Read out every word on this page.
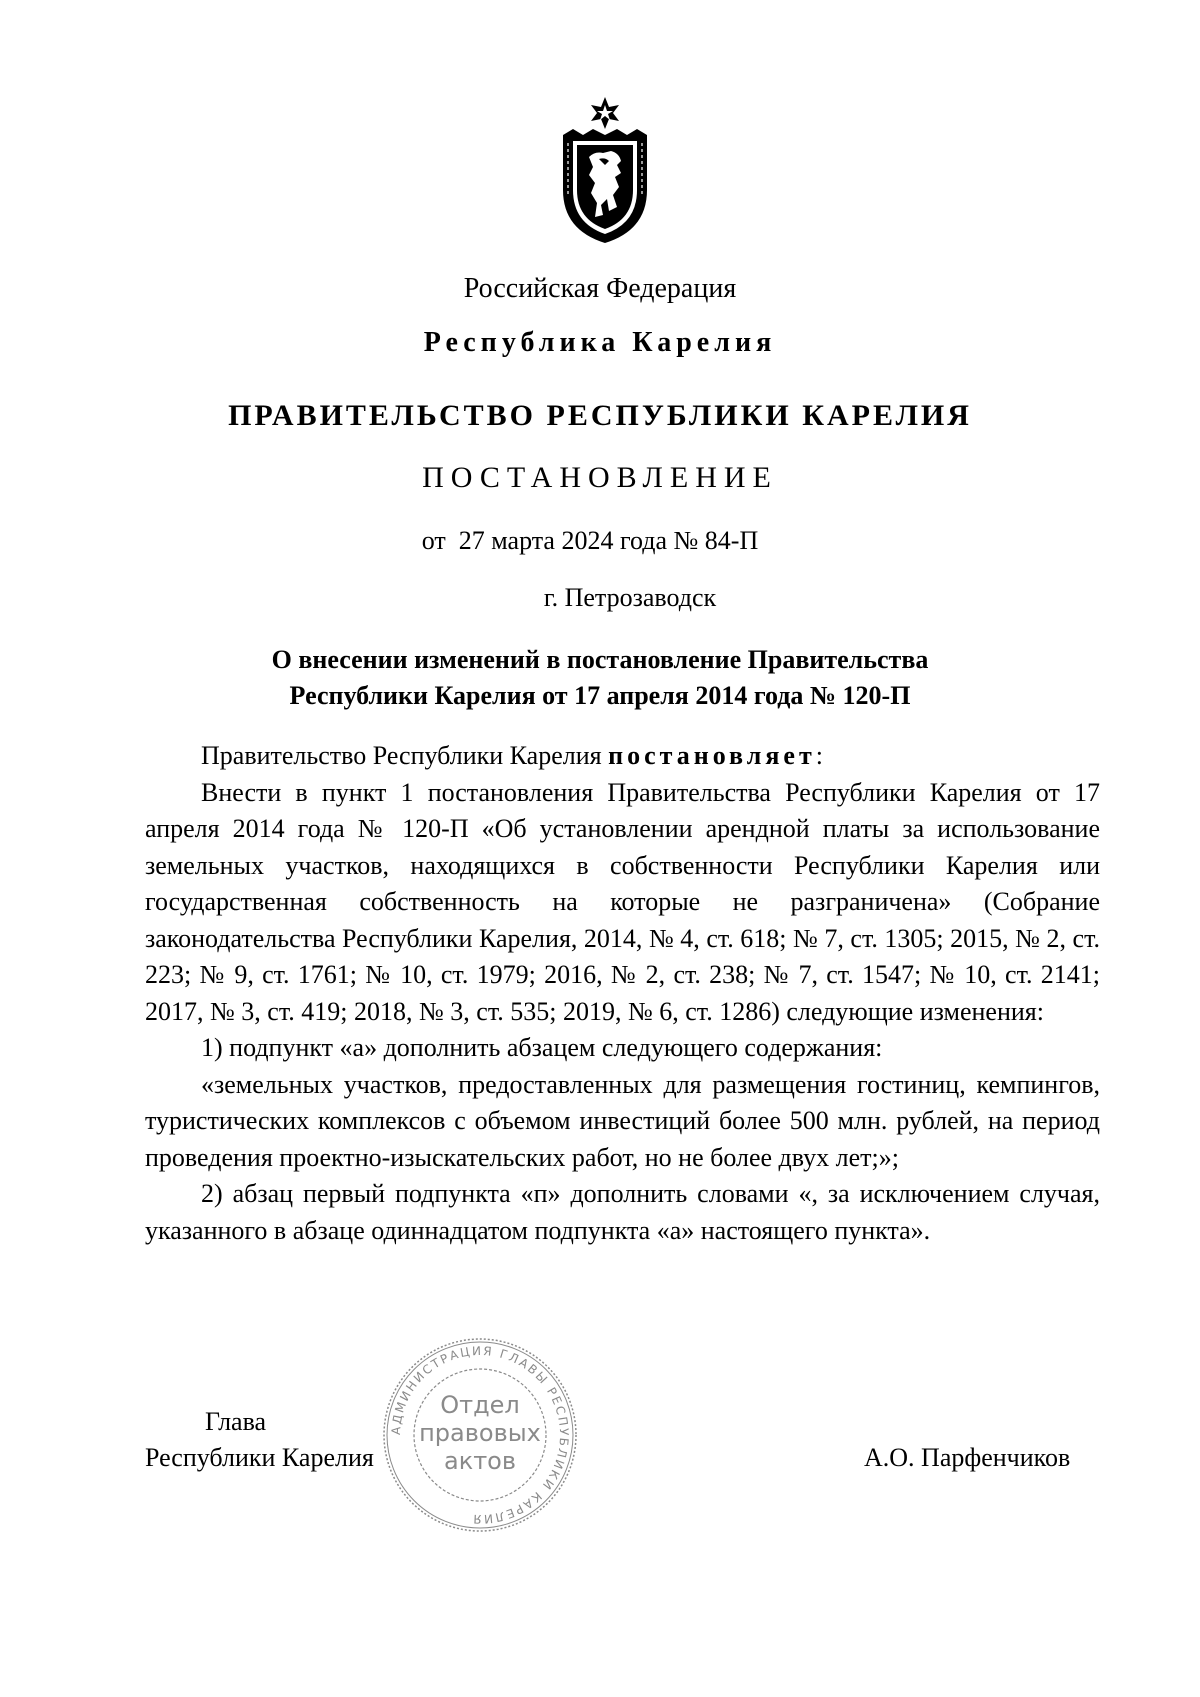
Российская Федерация
Республика Карелия
ПРАВИТЕЛЬСТВО РЕСПУБЛИКИ КАРЕЛИЯ
ПОСТАНОВЛЕНИЕ
от  27 марта 2024 года № 84-П
г. Петрозаводск
О внесении изменений в постановление Правительства
Республики Карелия от 17 апреля 2014 года № 120-П

Правительство Республики Карелия постановляет:

Внести в пункт 1 постановления Правительства Республики Карелия от 17 апреля 2014 года № 120-П «Об установлении арендной платы за использование земельных участков, находящихся в собственности Республики Карелия или государственная собственность на которые не разграничена» (Собрание законодательства Республики Карелия, 2014, № 4, ст. 618; № 7, ст. 1305; 2015, № 2, ст. 223; № 9, ст. 1761; № 10, ст. 1979; 2016, № 2, ст. 238; № 7, ст. 1547; № 10, ст. 2141; 2017, № 3, ст. 419; 2018, № 3, ст. 535; 2019, № 6, ст. 1286) следующие изменения:

1) подпункт «а» дополнить абзацем следующего содержания:

«земельных участков, предоставленных для размещения гостиниц, кемпингов, туристических комплексов с объемом инвестиций более 500 млн. рублей, на период проведения проектно-изыскательских работ, но не более двух лет;»;

2) абзац первый подпункта «п» дополнить словами «, за исключением случая, указанного в абзаце одиннадцатом подпункта «а» настоящего пункта».

Глава
Республики Карелия	А.О. Парфенчиков
АДМИНИСТРАЦИЯ ГЛАВЫ РЕСПУБЛИКИ КАРЕЛИЯ
Отдел
правовых
актов
